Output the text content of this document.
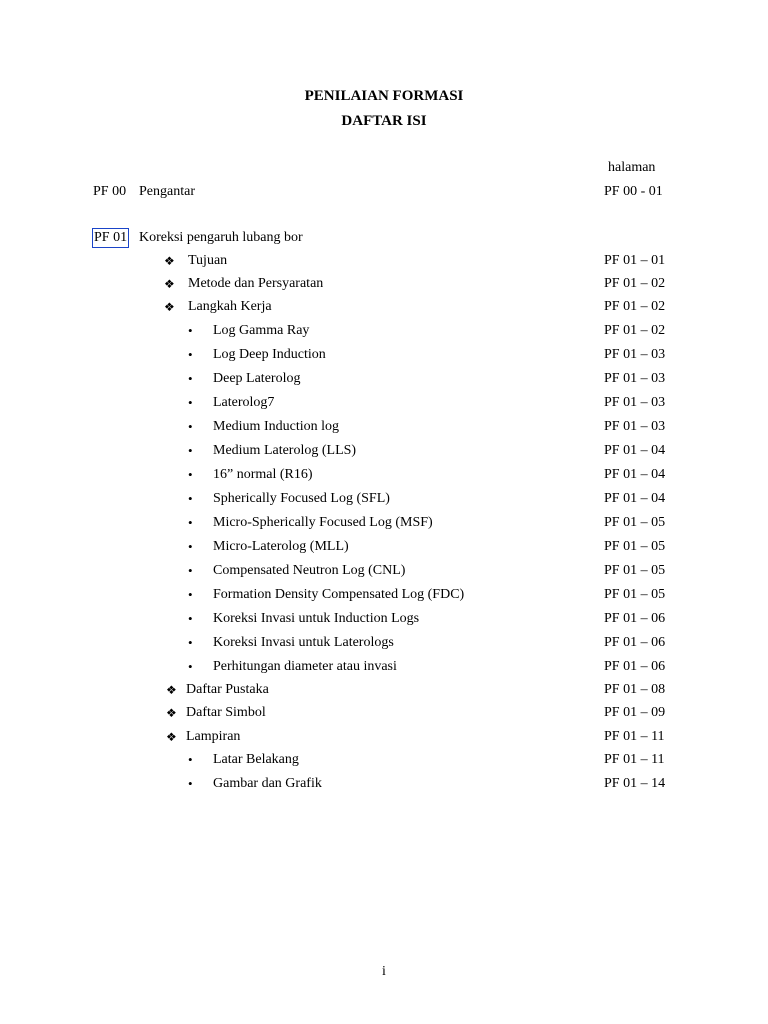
PENILAIAN FORMASI
DAFTAR ISI
halaman
PF 00 Pengantar	PF 00 - 01
PF 01 Koreksi pengaruh lubang bor
❖ Tujuan	PF 01 – 01
❖ Metode dan Persyaratan	PF 01 – 02
❖ Langkah Kerja	PF 01 – 02
• Log Gamma Ray	PF 01 – 02
• Log Deep Induction	PF 01 – 03
• Deep Laterolog	PF 01 – 03
• Laterolog7	PF 01 – 03
• Medium Induction log	PF 01 – 03
• Medium Laterolog (LLS)	PF 01 – 04
• 16” normal (R16)	PF 01 – 04
• Spherically Focused Log (SFL)	PF 01 – 04
• Micro-Spherically Focused Log (MSF)	PF 01 – 05
• Micro-Laterolog (MLL)	PF 01 – 05
• Compensated Neutron Log (CNL)	PF 01 – 05
• Formation Density Compensated Log (FDC)	PF 01 – 05
• Koreksi Invasi untuk Induction Logs	PF 01 – 06
• Koreksi Invasi untuk Laterologs	PF 01 – 06
• Perhitungan diameter atau invasi	PF 01 – 06
❖ Daftar Pustaka	PF 01 – 08
❖ Daftar Simbol	PF 01 – 09
❖ Lampiran	PF 01 – 11
• Latar Belakang	PF 01 – 11
• Gambar dan Grafik	PF 01 – 14
i
